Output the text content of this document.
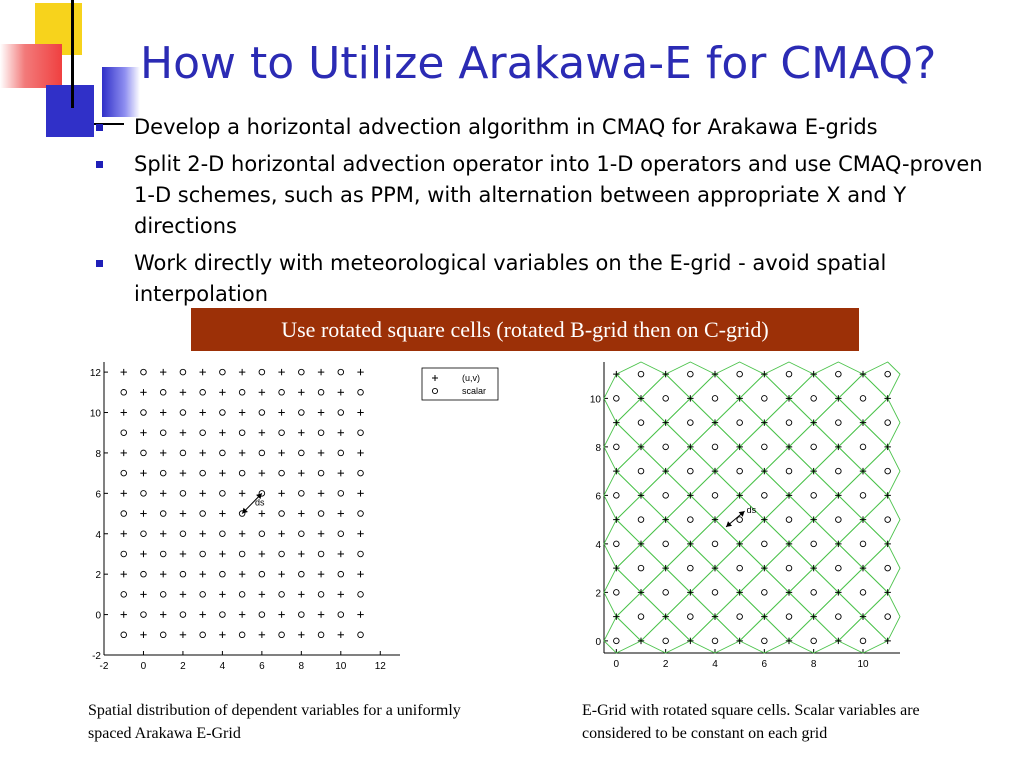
How to Utilize Arakawa-E for CMAQ?
Develop a horizontal advection algorithm in CMAQ for Arakawa E-grids
Split 2-D horizontal advection operator into 1-D operators and use CMAQ-proven 1-D schemes, such as PPM, with alternation between appropriate X and Y directions
Work directly with meteorological variables on the E-grid - avoid spatial interpolation
Use rotated square cells (rotated B-grid then on C-grid)
-2	0	2	4	6	8	10	12
-2
0
2
4
6
8
10
12
ds
(u,v)
scalar
0	2	4	6	8	10
0
2
4
6
8
10
ds
Spatial distribution of dependent variables for a uniformly spaced Arakawa E-Grid
E-Grid with rotated square cells. Scalar variables are considered to be constant on each grid
